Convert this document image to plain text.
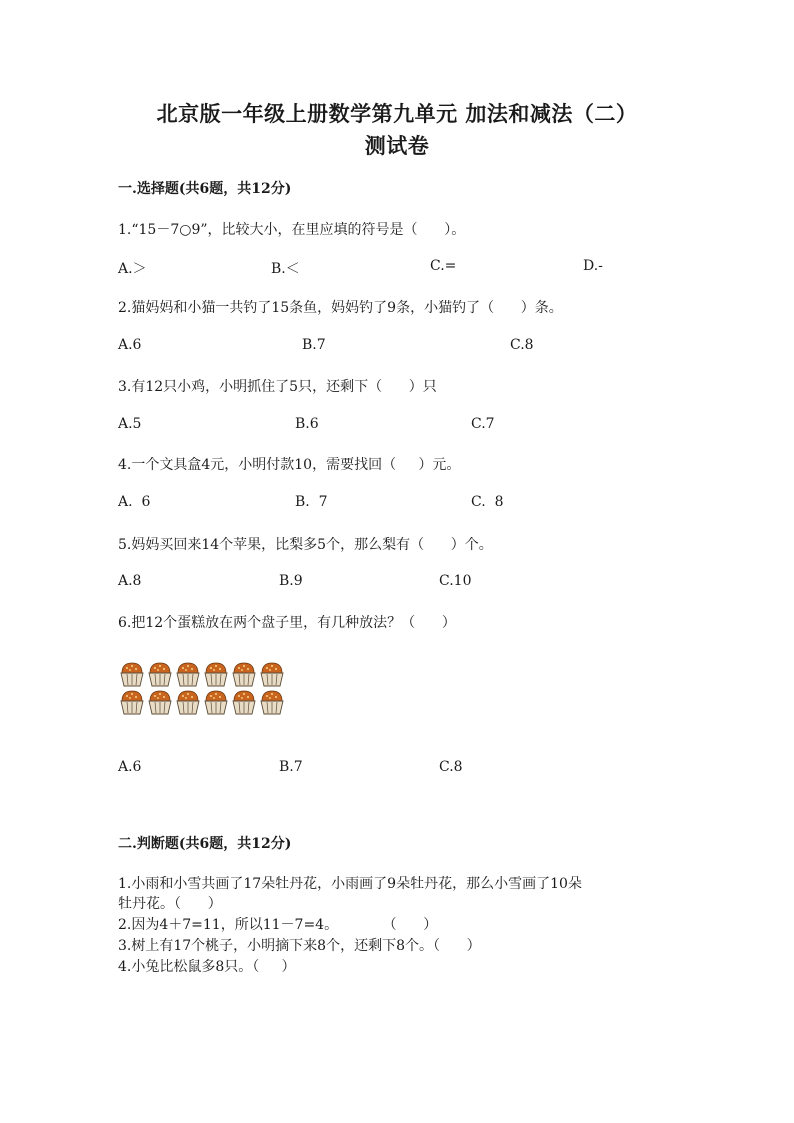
北京版一年级上册数学第九单元 加法和减法（二）
测试卷
一.选择题(共6题，共12分)
1.“15－7○9”，比较大小，在里应填的符号是（      ）。
A.＞	B.＜	C.=	D.-
2.猫妈妈和小猫一共钓了15条鱼，妈妈钓了9条，小猫钓了（      ）条。
A.6	B.7	C.8
3.有12只小鸡，小明抓住了5只，还剩下（      ）只
A.5	B.6	C.7
4.一个文具盒4元，小明付款10，需要找回（     ）元。
A.  6	B.  7	C.  8
5.妈妈买回来14个苹果，比梨多5个，那么梨有（      ）个。
A.8	B.9	C.10
6.把12个蛋糕放在两个盘子里，有几种放法？（      ）
A.6	B.7	C.8
二.判断题(共6题，共12分)
1.小雨和小雪共画了17朵牡丹花，小雨画了9朵牡丹花，那么小雪画了10朵
牡丹花。（      ）
2.因为4＋7=11，所以11－7=4。          （      ）
3.树上有17个桃子，小明摘下来8个，还剩下8个。（      ）
4.小兔比松鼠多8只。（     ）
